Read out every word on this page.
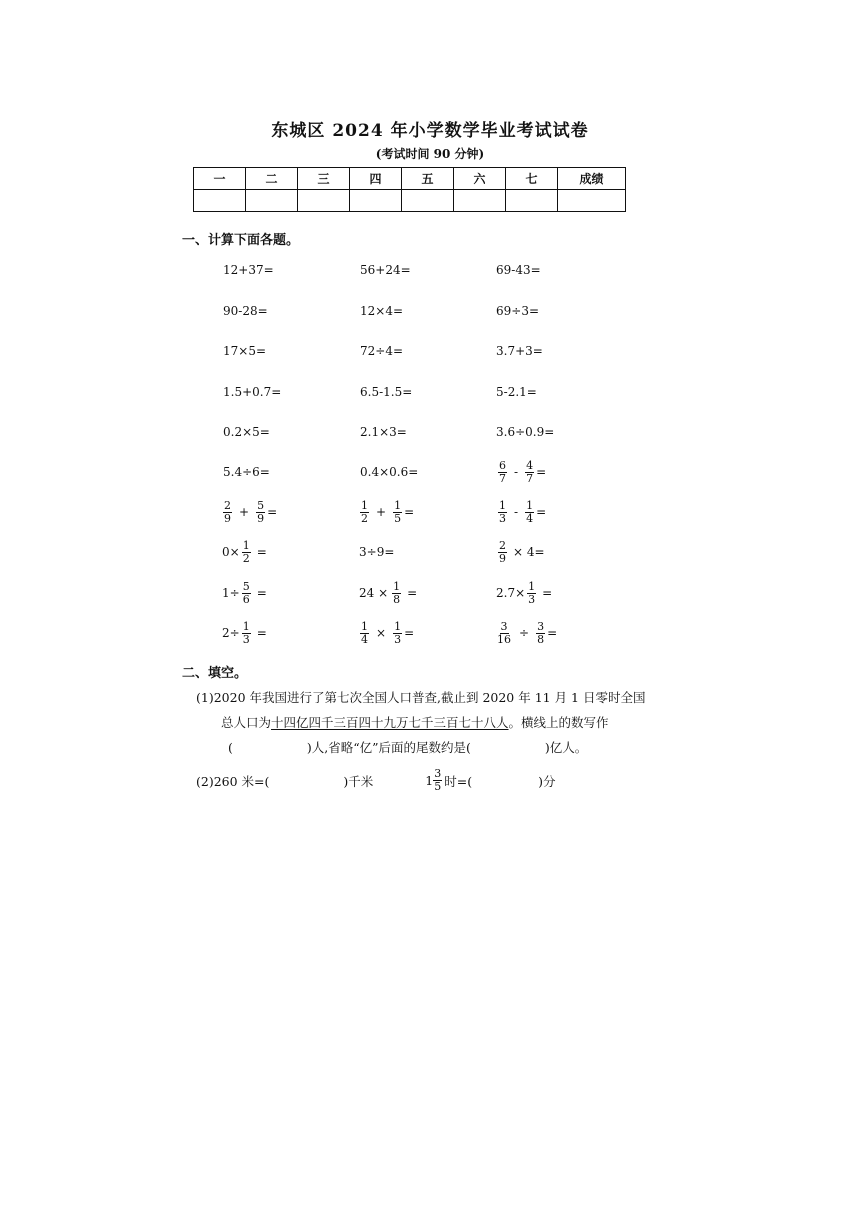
东城区 2024 年小学数学毕业考试试卷
(考试时间 90 分钟)
一	二	三	四	五	六	七	成绩

一、计算下面各题。
12+37=	56+24=	69-43=
90-28=	12×4=	69÷3=
17×5=	72÷4=	3.7+3=
1.5+0.7=	6.5-1.5=	5-2.1=
0.2×5=	2.1×3=	3.6÷0.9=
5.4÷6=	0.4×0.6=	$\frac{6}{7} - \frac{4}{7}$ =
$\frac{2}{9} + \frac{5}{9}$ =	$\frac{1}{2} + \frac{1}{5}$ =	$\frac{1}{3} - \frac{1}{4}$ =
$0\times \frac{1}{2}$ =	3÷9=	$\frac{2}{9} \times 4=$
$1\div \frac{5}{6}$ =	$24 \times \frac{1}{8}$ =	$2.7\times \frac{1}{3}$ =
$2\div \frac{1}{3}$ =	$\frac{1}{4} \times \frac{1}{3}$ =	$\frac{3}{16} \div \frac{3}{8}$ =
二、填空。
(1)2020 年我国进行了第七次全国人口普查,截止到 2020 年 11 月 1 日零时全国
总人口为十四亿四千三百四十九万七千三百七十八人。横线上的数写作
(	)人,省略“亿”后面的尾数约是(	)亿人。
(2)260 米=(	)千米	$1 \frac{3}{5}$ 时=(	)分
